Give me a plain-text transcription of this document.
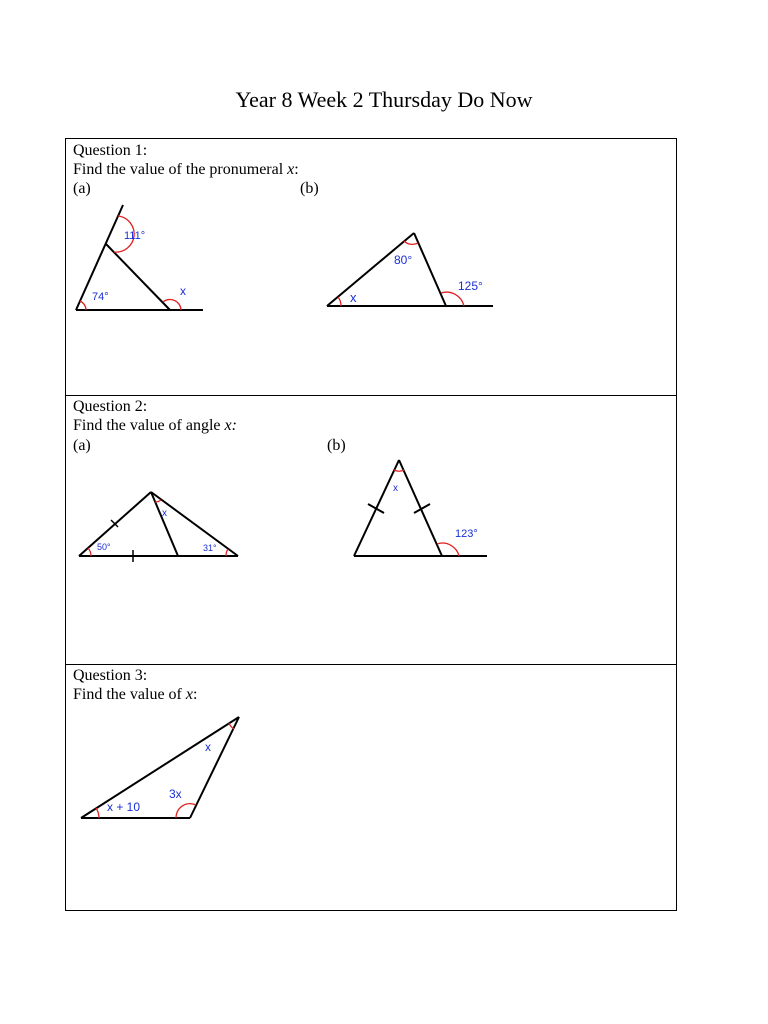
Year 8 Week 2 Thursday Do Now
Question 1:
Find the value of the pronumeral x:
(a)	(b)
111°
74°	x
80°
125°
x
Question 2:
Find the value of angle x:
(a)	(b)
50°	31°
x
x
123°
Question 3:
Find the value of x:
x + 10
3x
x
